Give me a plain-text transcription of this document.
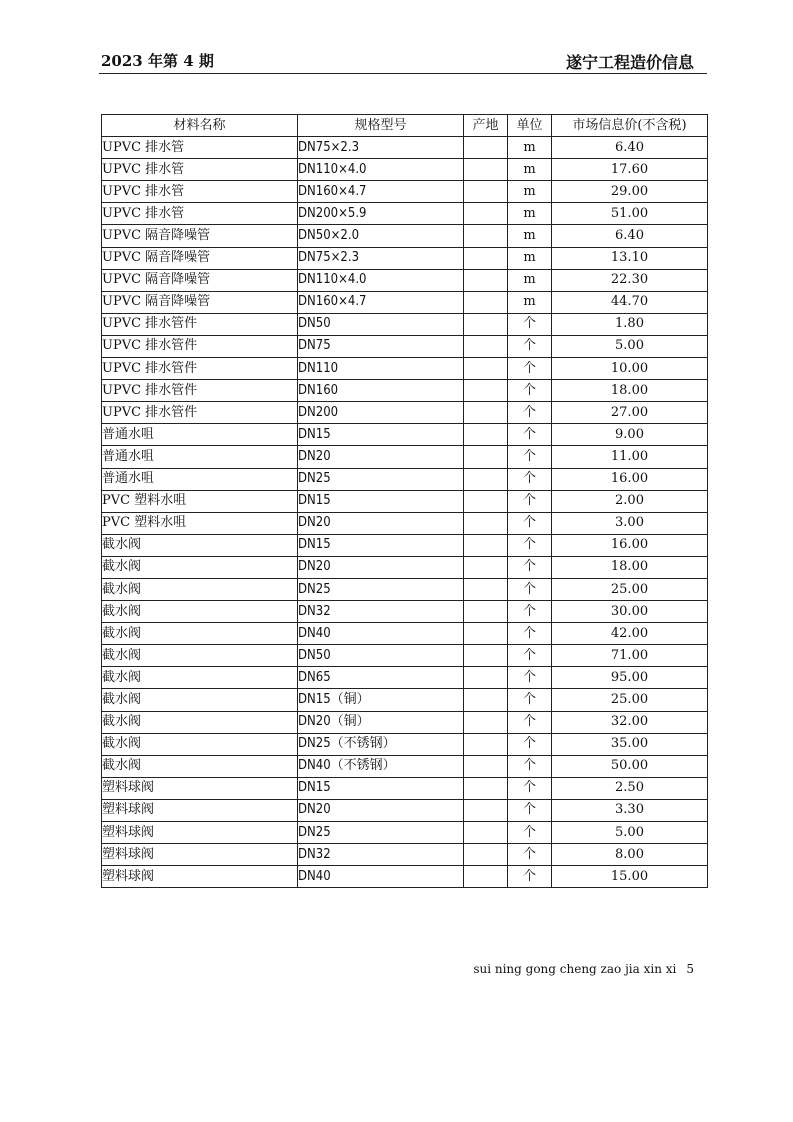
2023 年第 4 期	遂宁工程造价信息
材料名称	规格型号	产地	单位	市场信息价(不含税)
UPVC 排水管	DN75×2.3		m	6.40
UPVC 排水管	DN110×4.0		m	17.60
UPVC 排水管	DN160×4.7		m	29.00
UPVC 排水管	DN200×5.9		m	51.00
UPVC 隔音降噪管	DN50×2.0		m	6.40
UPVC 隔音降噪管	DN75×2.3		m	13.10
UPVC 隔音降噪管	DN110×4.0		m	22.30
UPVC 隔音降噪管	DN160×4.7		m	44.70
UPVC 排水管件	DN50		个	1.80
UPVC 排水管件	DN75		个	5.00
UPVC 排水管件	DN110		个	10.00
UPVC 排水管件	DN160		个	18.00
UPVC 排水管件	DN200		个	27.00
普通水咀	DN15		个	9.00
普通水咀	DN20		个	11.00
普通水咀	DN25		个	16.00
PVC 塑料水咀	DN15		个	2.00
PVC 塑料水咀	DN20		个	3.00
截水阀	DN15		个	16.00
截水阀	DN20		个	18.00
截水阀	DN25		个	25.00
截水阀	DN32		个	30.00
截水阀	DN40		个	42.00
截水阀	DN50		个	71.00
截水阀	DN65		个	95.00
截水阀	DN15（铜）		个	25.00
截水阀	DN20（铜）		个	32.00
截水阀	DN25（不锈钢）		个	35.00
截水阀	DN40（不锈钢）		个	50.00
塑料球阀	DN15		个	2.50
塑料球阀	DN20		个	3.30
塑料球阀	DN25		个	5.00
塑料球阀	DN32		个	8.00
塑料球阀	DN40		个	15.00
sui ning gong cheng zao jia xin xi 5
